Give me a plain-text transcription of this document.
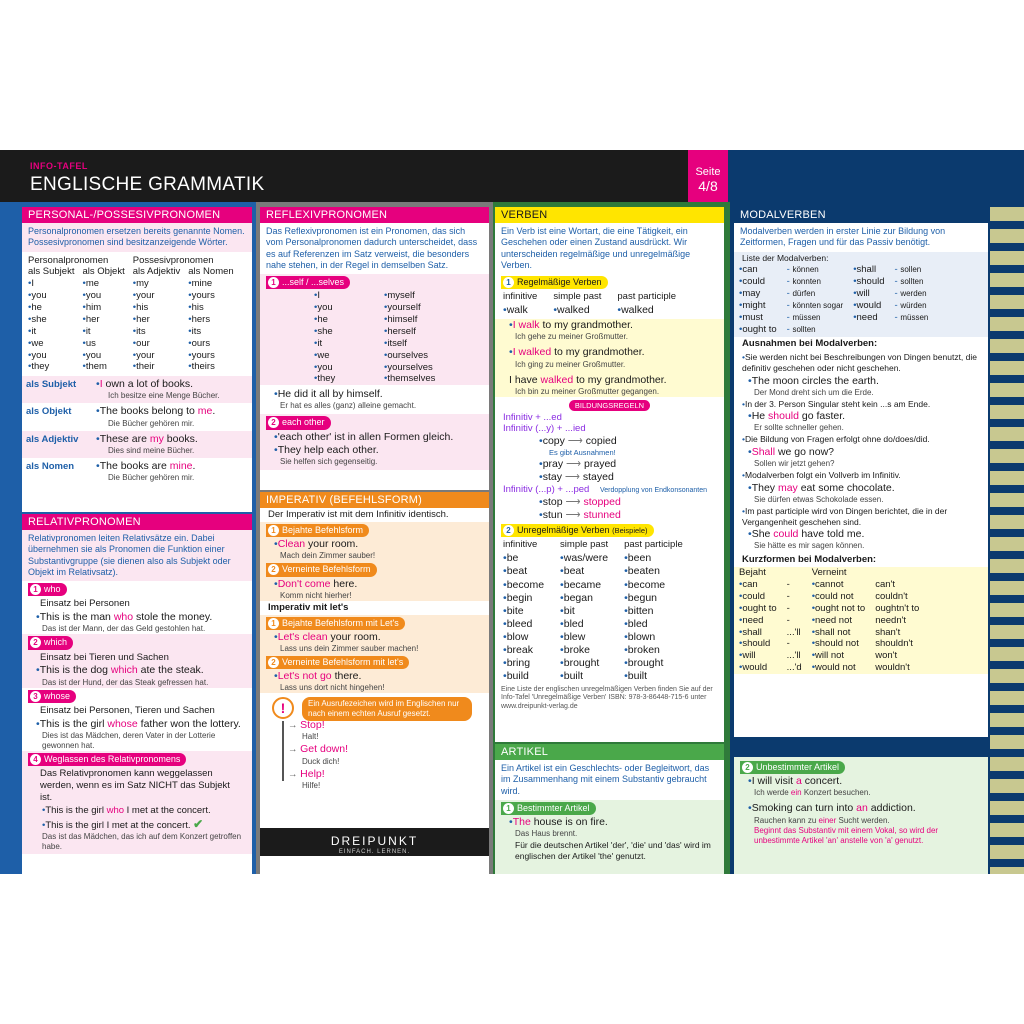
INFO-TAFEL
ENGLISCHE GRAMMATIK
Seite
4/8
PERSONAL-/POSSESIVPRONOMEN
Personalpronomen ersetzen bereits genannte Nomen. Possesivpronomen sind besitzanzeigende Wörter.
Personalpronomen		Possesivpronomen	
als Subjekt	als Objekt	als Adjektiv	als Nomen
• I	•me	•my	•mine
• you	•you	•your	•yours
• he	•him	•his	•his
• she	•her	•her	•hers
• it	•it	•its	•its
• we	•us	•our	•ours
• you	•you	•your	•yours
• they	•them	•their	•theirs
als Subjekt • I own a lot of books.
Ich besitze eine Menge Bücher.
als Objekt •	The books belong to me.
Die Bücher gehören mir.
als Adjektiv • These are my books.
Dies sind meine Bücher.
als Nomen • The books are mine.
Die Bücher gehören mir.
RELATIVPRONOMEN
Relativpronomen leiten Relativsätze ein. Dabei übernehmen sie als Pronomen die Funktion einer Substantivgruppe (sie dienen also als Subjekt oder Objekt im Relativsatz).
1 who
Einsatz bei Personen
• This is the man who stole the money.
Das ist der Mann, der das Geld gestohlen hat.
2 which
Einsatz bei Tieren und Sachen
• This is the dog which ate the steak.
Das ist der Hund, der das Steak gefressen hat.
3 whose
Einsatz bei Personen, Tieren und Sachen
• This is the girl whose father won the lottery.
Dies ist das Mädchen, deren Vater in der Lotterie gewonnen hat.
4 Weglassen des Relativpronomens
Das Relativpronomen kann weggelassen werden, wenn es im Satz NICHT das Subjekt ist.
• This is the girl who I met at the concert.
• This is the girl I met at the concert. ✔
Das ist das Mädchen, das ich auf dem Konzert getroffen habe.
REFLEXIVPRONOMEN
Das Reflexivpronomen ist ein Pronomen, das sich vom Personalpronomen dadurch unterscheidet, dass es auf Referenzen im Satz verweist, die besonders nahe stehen, in der Regel in demselben Satz.
1 ...self / ...selves
• I	•myself
• you	•yourself
• he	•himself
• she	•herself
• it	•itself
• we	•ourselves
• you	•yourselves
• they	•themselves
• He did it all by himself.
Er hat es alles (ganz) alleine gemacht.
2 each other
• 'each other' ist in allen Formen gleich.
• They help each other.
Sie helfen sich gegenseitig.
IMPERATIV (BEFEHLSFORM)
Der Imperativ ist mit dem Infinitiv identisch.
1 Bejahte Befehlsform
• Clean your room.
Mach dein Zimmer sauber!
2 Verneinte Befehlsform
• Don't come here.
Komm nicht hierher!
Imperativ mit let's
1 Bejahte Befehlsform mit Let's
• Let's clean your room.
Lass uns dein Zimmer sauber machen!
2 Verneinte Befehlsform mit let's
• Let's not go there.
Lass uns dort nicht hingehen!
!	Ein Ausrufezeichen wird im Englischen nur nach einem echten Ausruf gesetzt.
→ Stop!
Halt!
→ Get down!
Duck dich!
→ Help!
Hilfe!
DREIPUNKT
EINFACH. LERNEN.
VERBEN
Ein Verb ist eine Wortart, die eine Tätigkeit, ein Geschehen oder einen Zustand ausdrückt. Wir unterscheiden regelmäßige und unregelmäßige Verben.
1 Regelmäßige Verben
infinitive	simple past	past participle
• walk	•walked	•walked
• I walk to my grandmother.
Ich gehe zu meiner Großmutter.
• I walked to my grandmother.
Ich ging zu meiner Großmutter.
I have walked to my grandmother.
Ich bin zu meiner Großmutter gegangen.
BILDUNGSREGELN
Infinitiv + ...ed
Infinitiv (...y) + ...ied
• copy ⟶ copied
Es gibt Ausnahmen!
• pray ⟶ prayed
• stay ⟶ stayed
Infinitiv (...p) + ...ped Verdopplung von Endkonsonanten
• stop ⟶ stopped
• stun ⟶ stunned
2 Unregelmäßige Verben (Beispiele)
infinitive	simple past	past participle
• be	•was/were	•been
• beat	•beat	•beaten
• become	•became	•become
• begin	•began	•begun
• bite	•bit	•bitten
• bleed	•bled	•bled
• blow	•blew	•blown
• break	•broke	•broken
• bring	•brought	•brought
• build	•built	•built
Eine Liste der englischen unregelmäßigen Verben finden Sie auf der Info-Tafel 'Unregelmäßige Verben' ISBN: 978-3-86448-715-6 unter www.dreipunkt-verlag.de
ARTIKEL
Ein Artikel ist ein Geschlechts- oder Begleitwort, das im Zusammenhang mit einem Substantiv gebraucht wird.
1 Bestimmter Artikel
• The house is on fire.
Das Haus brennt.
Für die deutschen Artikel 'der', 'die' und 'das' wird im englischen der Artikel 'the' genutzt.
MODALVERBEN
Modalverben werden in erster Linie zur Bildung von Zeitformen, Fragen und für das Passiv benötigt.
Liste der Modalverben:
• can	- können	•shall	- sollen
• could	- konnten	•should	- sollten
• may	- dürfen	•will	- werden
• might	- könnten sogar	•would	- würden
• must	- müssen	•need	- müssen
• ought to	- sollten		
Ausnahmen bei Modalverben:
• Sie werden nicht bei Beschreibungen von Dingen benutzt, die definitiv geschehen oder nicht geschehen.
• The moon circles the earth.
Der Mond dreht sich um die Erde.
• In der 3. Person Singular steht kein ...s am Ende.
• He should go faster.
Er sollte schneller gehen.
• Die Bildung von Fragen erfolgt ohne do/does/did.
• Shall we go now?
Sollen wir jetzt gehen?
• Modalverben folgt ein Vollverb im Infinitiv.
• They may eat some chocolate.
Sie dürfen etwas Schokolade essen.
• Im past participle wird von Dingen berichtet, die in der Vergangenheit geschehen sind.
• She could have told me.
Sie hätte es mir sagen können.
Kurzformen bei Modalverben:
Bejaht		Verneint	
• can	-	•cannot	can't
• could	-	•could not	couldn't
• ought to	-	•ought not to	oughtn't to
• need	-	•need not	needn't
• shall	...'ll	•shall not	shan't
• should	-	•should not	shouldn't
• will	...'ll	•will not	won't
• would	...'d	•would not	wouldn't
2 Unbestimmter Artikel
• I will visit a concert.
Ich werde ein Konzert besuchen.
• Smoking can turn into an addiction.
Rauchen kann zu einer Sucht werden.
Beginnt das Substantiv mit einem Vokal, so wird der unbestimmte Artikel 'an' anstelle von 'a' genutzt.
